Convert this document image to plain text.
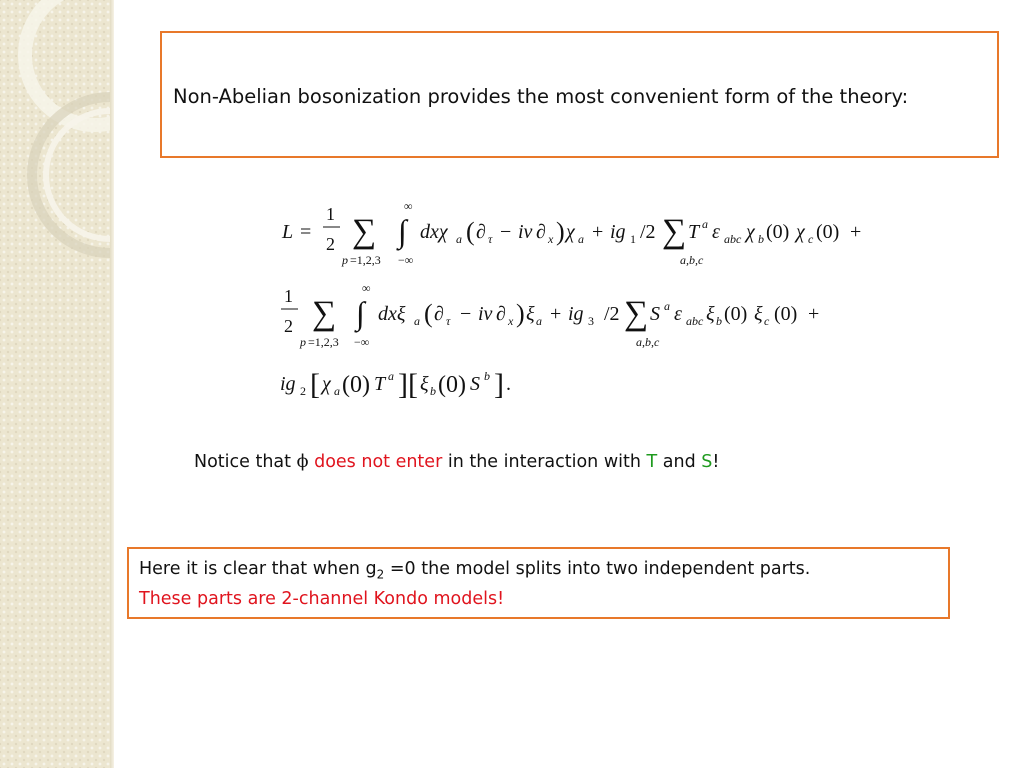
Non-Abelian bosonization provides the most convenient form of the theory:
L =
1
2 ∑
p =1,2,3 −∞
∫
∞
dxχ a ( ∂ τ − iv ∂ x ) χ a + ig 1 /2 ∑
a,b,c
T a ε abc χ b (0) χ c (0) +
1
2 ∑
p =1,2,3 −∞
∫
∞
dxξ a ( ∂ τ − iv ∂ x ) ξ a + ig 3 /2 ∑
a,b,c
S a ε abc ξ b (0) ξ c (0) +
ig 2 [ χ a (0) T a ][ ξ b (0) S b ] .
Notice that ϕ does not enter in the interaction with T and S!
Here it is clear that when $g_2 =0$ the model splits into two independent parts.
These parts are 2-channel Kondo models!
